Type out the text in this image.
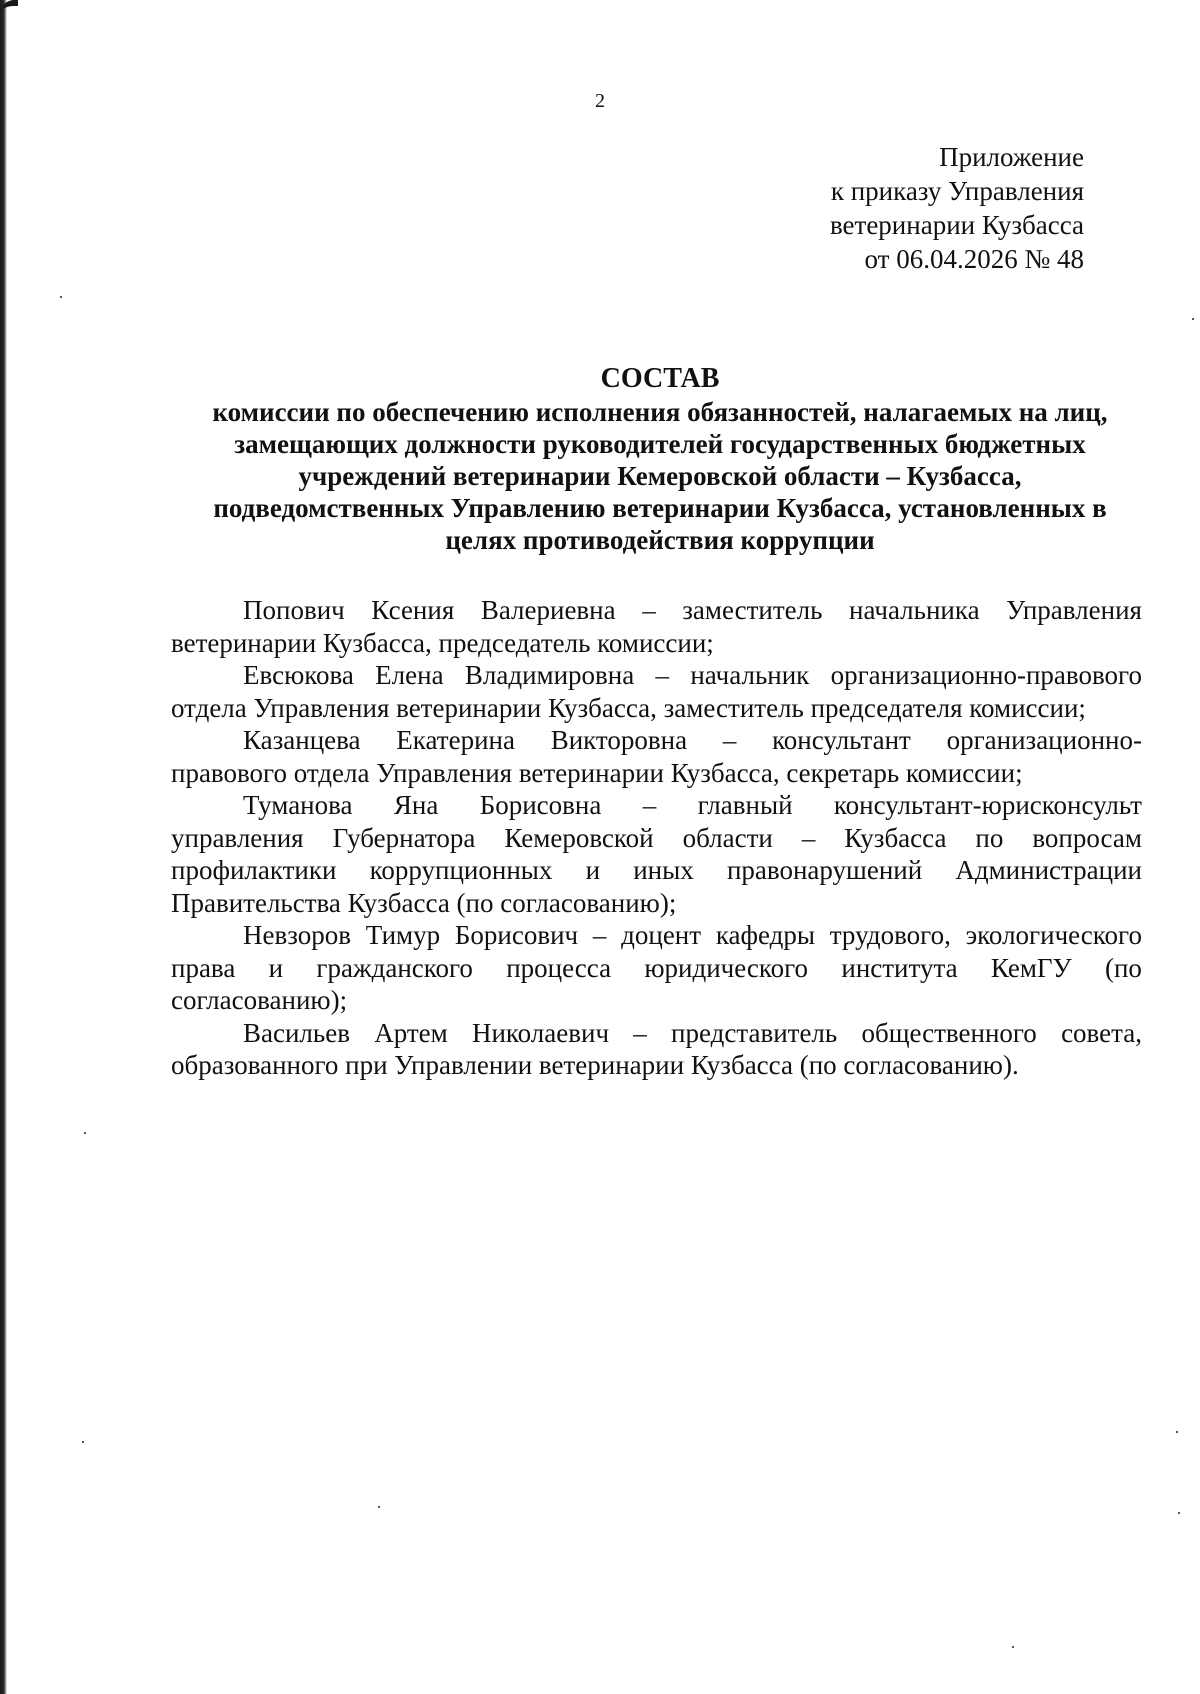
2
Приложение
к приказу Управления
ветеринарии Кузбасса
от 06.04.2026 № 48
СОСТАВ
комиссии по обеспечению исполнения обязанностей, налагаемых на лиц,
замещающих должности руководителей государственных бюджетных
учреждений ветеринарии Кемеровской области – Кузбасса,
подведомственных Управлению ветеринарии Кузбасса, установленных в
целях противодействия коррупции
Попович Ксения Валериевна – заместитель начальника Управления
ветеринарии Кузбасса, председатель комиссии;
Евсюкова Елена Владимировна – начальник организационно-правового
отдела Управления ветеринарии Кузбасса, заместитель председателя комиссии;
Казанцева Екатерина Викторовна – консультант организационно-
правового отдела Управления ветеринарии Кузбасса, секретарь комиссии;
Туманова Яна Борисовна – главный консультант-юрисконсульт
управления Губернатора Кемеровской области – Кузбасса по вопросам
профилактики коррупционных и иных правонарушений Администрации
Правительства Кузбасса (по согласованию);
Невзоров Тимур Борисович – доцент кафедры трудового, экологического
права и гражданского процесса юридического института КемГУ (по
согласованию);
Васильев Артем Николаевич – представитель общественного совета,
образованного при Управлении ветеринарии Кузбасса (по согласованию).
